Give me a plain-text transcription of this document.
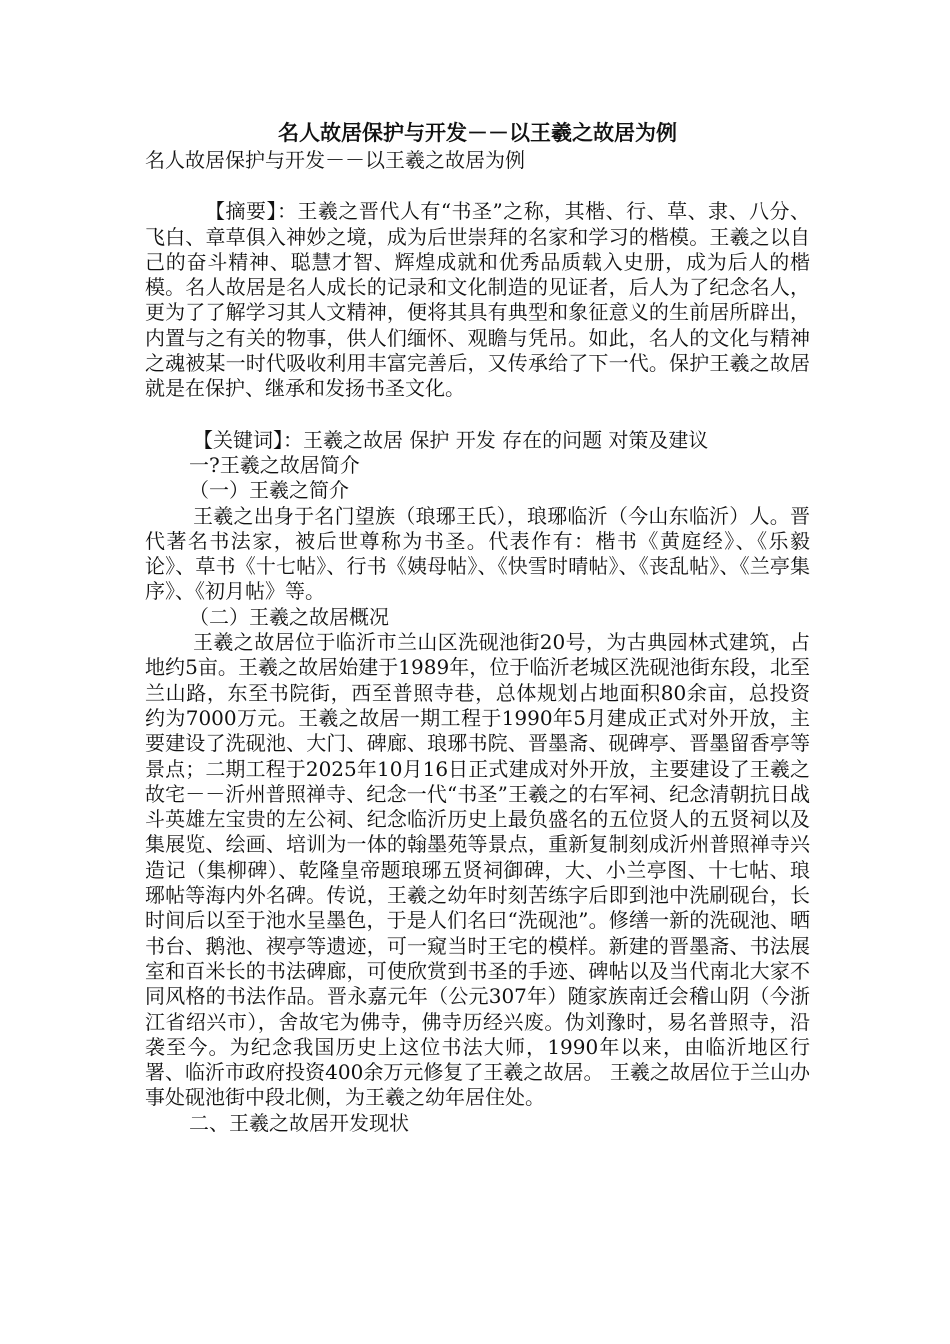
名人故居保护与开发－－以王羲之故居为例
名人故居保护与开发－－以王羲之故居为例
【摘要】：王羲之晋代人有“书圣”之称，其楷、行、草、隶、八分、飞白、章草俱入神妙之境，成为后世崇拜的名家和学习的楷模。王羲之以自己的奋斗精神、聪慧才智、辉煌成就和优秀品质载入史册，成为后人的楷模。名人故居是名人成长的记录和文化制造的见证者，后人为了纪念名人，更为了了解学习其人文精神，便将其具有典型和象征意义的生前居所辟出，内置与之有关的物事，供人们缅怀、观瞻与凭吊。如此，名人的文化与精神之魂被某一时代吸收利用丰富完善后，又传承给了下一代。保护王羲之故居就是在保护、继承和发扬书圣文化。
【关键词】：王羲之故居 保护 开发 存在的问题 对策及建议
一?王羲之故居简介
（一）王羲之简介
王羲之出身于名门望族（琅琊王氏），琅琊临沂（今山东临沂）人。晋代著名书法家，被后世尊称为书圣。代表作有：楷书《黄庭经》、《乐毅论》、草书《十七帖》、行书《姨母帖》、《快雪时晴帖》、《丧乱帖》、《兰亭集序》、《初月帖》等。
（二）王羲之故居概况
王羲之故居位于临沂市兰山区洗砚池街20号，为古典园林式建筑，占地约5亩。王羲之故居始建于1989年，位于临沂老城区洗砚池街东段，北至兰山路，东至书院街，西至普照寺巷，总体规划占地面积80余亩，总投资约为7000万元。王羲之故居一期工程于1990年5月建成正式对外开放，主要建设了洗砚池、大门、碑廊、琅琊书院、晋墨斋、砚碑亭、晋墨留香亭等景点；二期工程于2025年10月16日正式建成对外开放，主要建设了王羲之故宅－－沂州普照禅寺、纪念一代“书圣”王羲之的右军祠、纪念清朝抗日战斗英雄左宝贵的左公祠、纪念临沂历史上最负盛名的五位贤人的五贤祠以及集展览、绘画、培训为一体的翰墨苑等景点，重新复制刻成沂州普照禅寺兴造记（集柳碑）、乾隆皇帝题琅琊五贤祠御碑，大、小兰亭图、十七帖、琅琊帖等海内外名碑。传说，王羲之幼年时刻苦练字后即到池中洗刷砚台，长时间后以至于池水呈墨色，于是人们名曰“洗砚池”。修缮一新的洗砚池、晒书台、鹅池、禊亭等遗迹，可一窥当时王宅的模样。新建的晋墨斋、书法展室和百米长的书法碑廊，可使欣赏到书圣的手迹、碑帖以及当代南北大家不同风格的书法作品。晋永嘉元年（公元307年）随家族南迁会稽山阴（今浙江省绍兴市），舍故宅为佛寺，佛寺历经兴废。伪刘豫时，易名普照寺，沿袭至今。为纪念我国历史上这位书法大师，1990年以来，由临沂地区行署、临沂市政府投资400余万元修复了王羲之故居。 王羲之故居位于兰山办事处砚池街中段北侧，为王羲之幼年居住处。
二、王羲之故居开发现状
